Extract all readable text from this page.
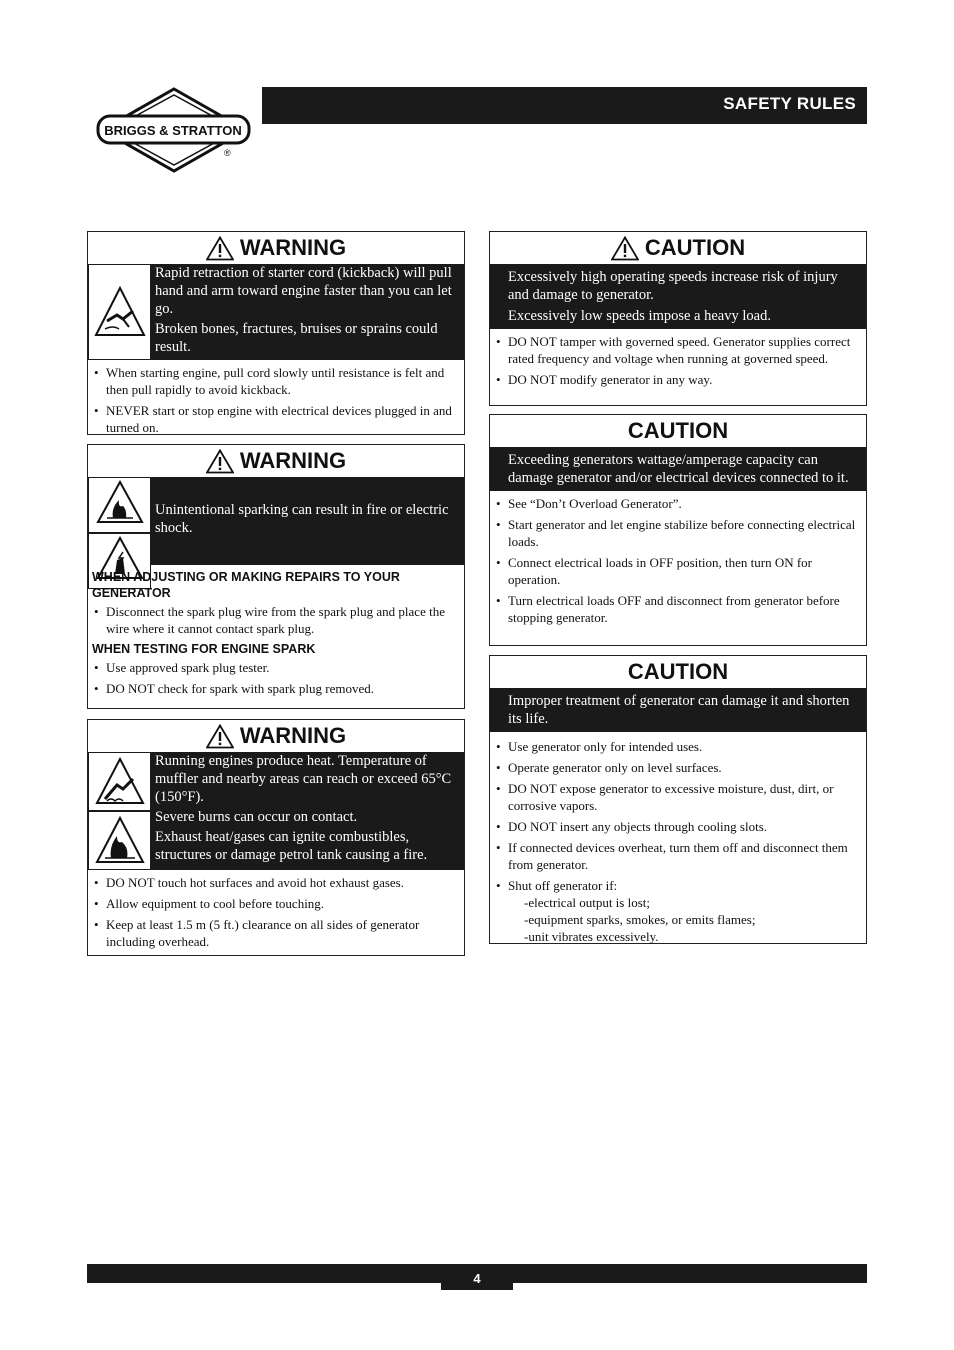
BRIGGS & STRATTON
®
SAFETY RULES
WARNING

Rapid retraction of starter cord (kickback) will pull hand and arm toward engine faster than you can let go.

Broken bones, fractures, bruises or sprains could result.

• When starting engine, pull cord slowly until resistance is felt and then pull rapidly to avoid kickback.
• NEVER start or stop engine with electrical devices plugged in and turned on.
WARNING

Unintentional sparking can result in fire or electric shock.

WHEN ADJUSTING OR MAKING REPAIRS TO YOUR GENERATOR
• Disconnect the spark plug wire from the spark plug and place the wire where it cannot contact spark plug.
WHEN TESTING FOR ENGINE SPARK
• Use approved spark plug tester.
• DO NOT check for spark with spark plug removed.
WARNING

Running engines produce heat. Temperature of muffler and nearby areas can reach or exceed 65°C (150°F).

Severe burns can occur on contact.

Exhaust heat/gases can ignite combustibles, structures or damage petrol tank causing a fire.

• DO NOT touch hot surfaces and avoid hot exhaust gases.
• Allow equipment to cool before touching.
• Keep at least 1.5 m (5 ft.) clearance on all sides of generator including overhead.
CAUTION

Excessively high operating speeds increase risk of injury and damage to generator.

Excessively low speeds impose a heavy load.

• DO NOT tamper with governed speed. Generator supplies correct rated frequency and voltage when running at governed speed.
• DO NOT modify generator in any way.
CAUTION

Exceeding generators wattage/amperage capacity can damage generator and/or electrical devices connected to it.

• See “Don’t Overload Generator”.
• Start generator and let engine stabilize before connecting electrical loads.
• Connect electrical loads in OFF position, then turn ON for operation.
• Turn electrical loads OFF and disconnect from generator before stopping generator.
CAUTION

Improper treatment of generator can damage it and shorten its life.

• Use generator only for intended uses.
• Operate generator only on level surfaces.
• DO NOT expose generator to excessive moisture, dust, dirt, or corrosive vapors.
• DO NOT insert any objects through cooling slots.
• If connected devices overheat, turn them off and disconnect them from generator.
• Shut off generator if:
-electrical output is lost;
-equipment sparks, smokes, or emits flames;
-unit vibrates excessively.
4
